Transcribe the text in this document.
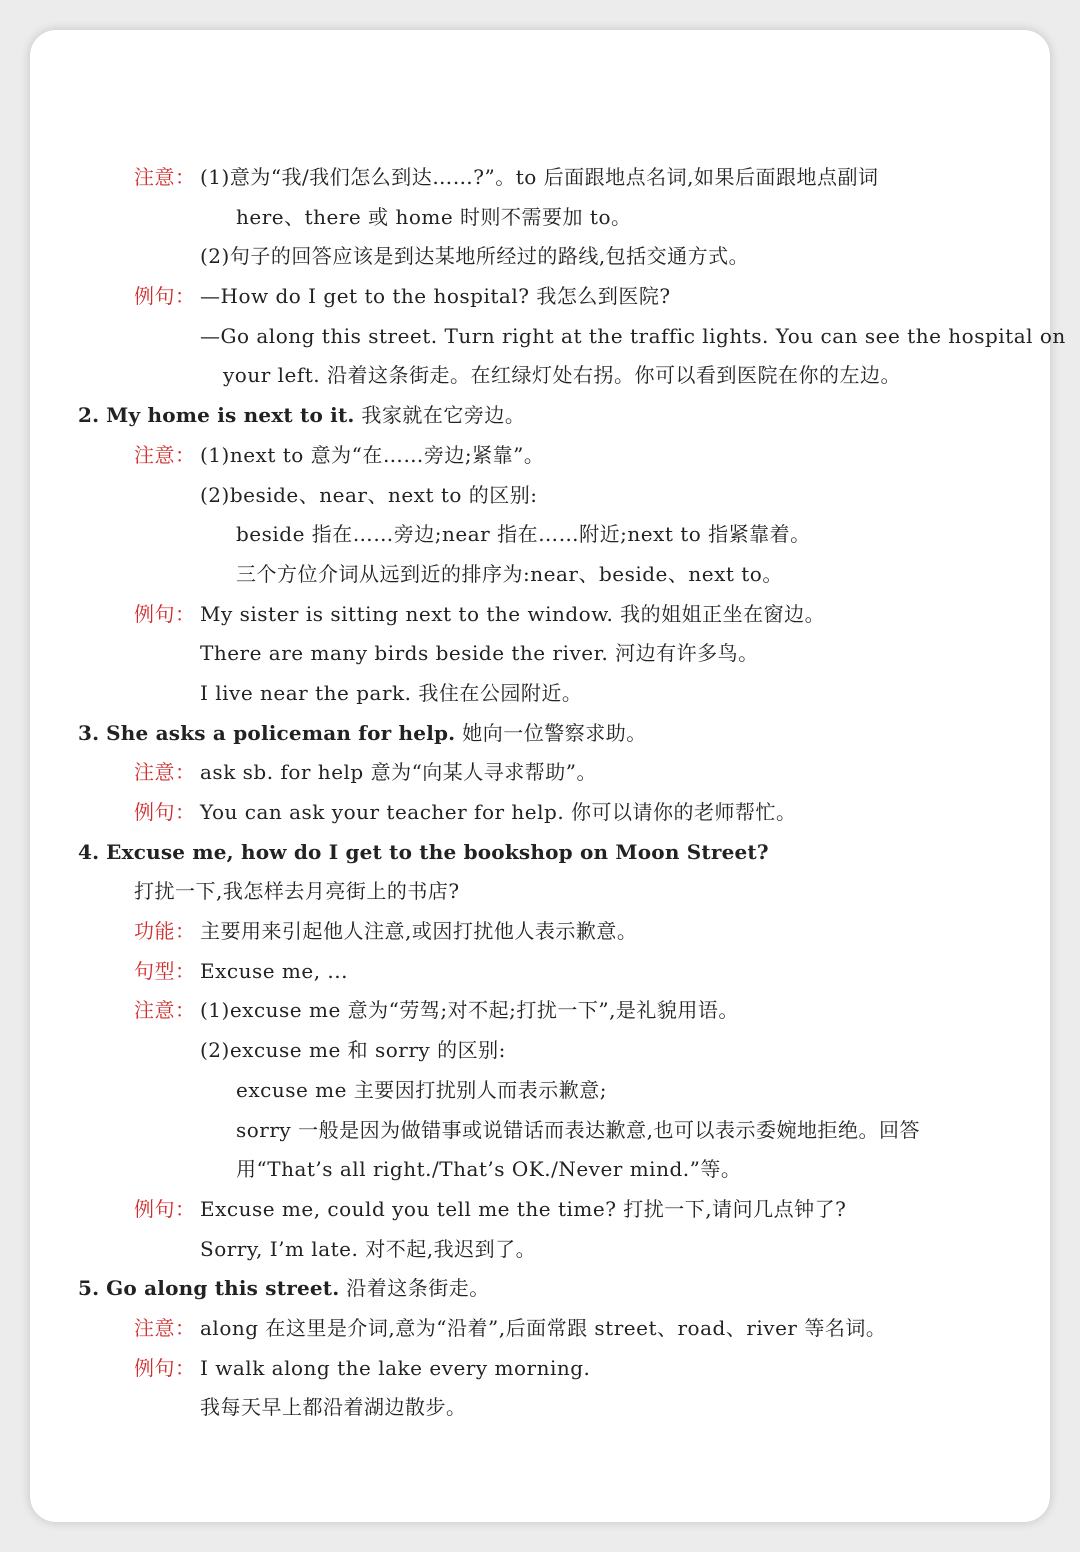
注意： (1)意为“我/我们怎么到达……?”。to 后面跟地点名词,如果后面跟地点副词
here、there 或 home 时则不需要加 to。
(2)句子的回答应该是到达某地所经过的路线,包括交通方式。
例句： —How do I get to the hospital? 我怎么到医院?
—Go along this street. Turn right at the traffic lights. You can see the hospital on
your left. 沿着这条街走。在红绿灯处右拐。你可以看到医院在你的左边。
2. My home is next to it. 我家就在它旁边。
注意： (1)next to 意为“在……旁边;紧靠”。
(2)beside、near、next to 的区别:
beside 指在……旁边;near 指在……附近;next to 指紧靠着。
三个方位介词从远到近的排序为:near、beside、next to。
例句： My sister is sitting next to the window. 我的姐姐正坐在窗边。
There are many birds beside the river. 河边有许多鸟。
I live near the park. 我住在公园附近。
3. She asks a policeman for help. 她向一位警察求助。
注意： ask sb. for help 意为“向某人寻求帮助”。
例句： You can ask your teacher for help. 你可以请你的老师帮忙。
4. Excuse me, how do I get to the bookshop on Moon Street?
打扰一下,我怎样去月亮街上的书店?
功能： 主要用来引起他人注意,或因打扰他人表示歉意。
句型： Excuse me, ...
注意： (1)excuse me 意为“劳驾;对不起;打扰一下”,是礼貌用语。
(2)excuse me 和 sorry 的区别:
excuse me 主要因打扰别人而表示歉意;
sorry 一般是因为做错事或说错话而表达歉意,也可以表示委婉地拒绝。回答
用“That’s all right./That’s OK./Never mind.”等。
例句： Excuse me, could you tell me the time? 打扰一下,请问几点钟了?
Sorry, I’m late. 对不起,我迟到了。
5. Go along this street. 沿着这条街走。
注意： along 在这里是介词,意为“沿着”,后面常跟 street、road、river 等名词。
例句： I walk along the lake every morning.
我每天早上都沿着湖边散步。
